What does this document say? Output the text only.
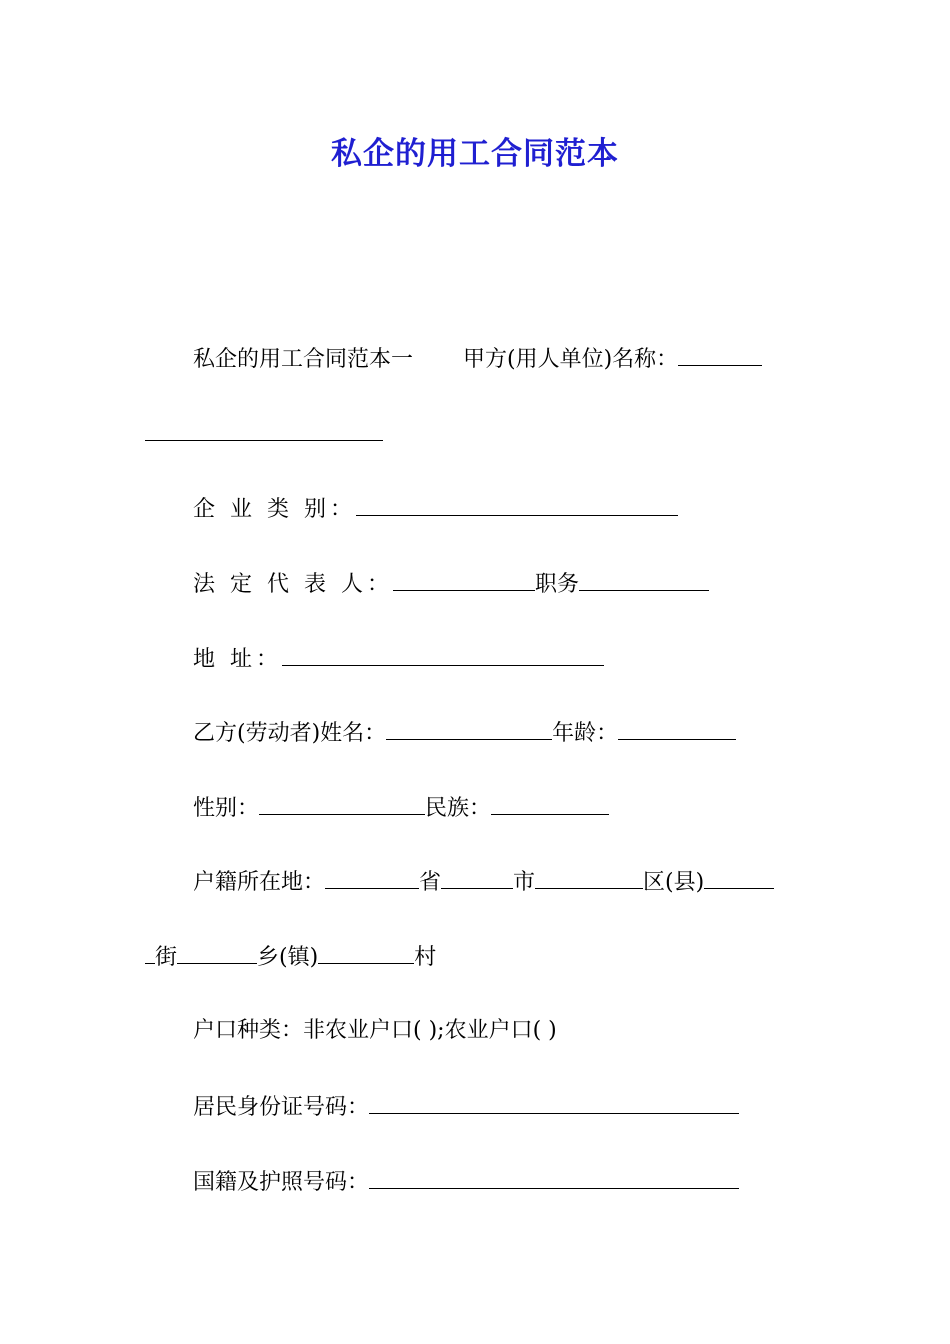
私企的用工合同范本
私企的用工合同范本一 甲方(用人单位)名称：
企 业 类 别：
法 定 代 表 人：	职务
地 址：
乙方(劳动者)姓名：	年龄：
性别：	民族：
户籍所在地：	省	市	区(县)
街	乡(镇)	村
户口种类：非农业户口( );农业户口( )
居民身份证号码：
国籍及护照号码：
